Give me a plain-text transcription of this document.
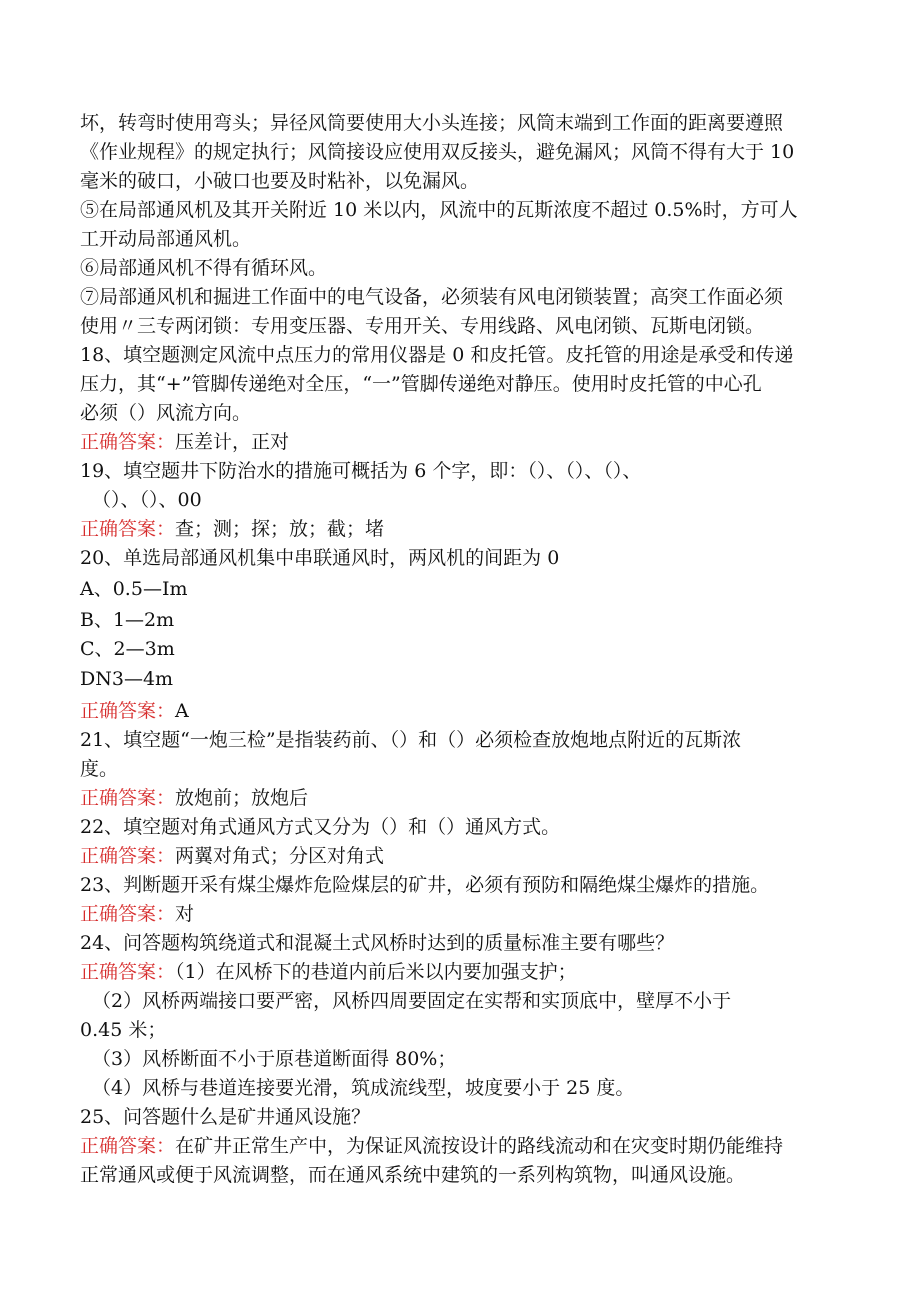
坏，转弯时使用弯头；异径风筒要使用大小头连接；风筒末端到工作面的距离要遵照
《作业规程》的规定执行；风筒接设应使用双反接头，避免漏风；风筒不得有大于 10
毫米的破口，小破口也要及时粘补，以免漏风。
⑤在局部通风机及其开关附近 10 米以内，风流中的瓦斯浓度不超过 0.5%时，方可人
工开动局部通风机。
⑥局部通风机不得有循环风。
⑦局部通风机和掘进工作面中的电气设备，必须装有风电闭锁装置；高突工作面必须
使用〃三专两闭锁：专用变压器、专用开关、专用线路、风电闭锁、瓦斯电闭锁。
18、填空题测定风流中点压力的常用仪器是 0 和皮托管。皮托管的用途是承受和传递
压力，其“+”管脚传递绝对全压，“一”管脚传递绝对静压。使用时皮托管的中心孔
必须（）风流方向。
正确答案：压差计，正对
19、填空题井下防治水的措施可概括为 6 个字，即：（）、（）、（）、
（）、（）、00
正确答案：查；测；探；放；截；堵
20、单选局部通风机集中串联通风时，两风机的间距为 0
A、0.5—Im
B、1—2m
C、2—3m
DN3—4m
正确答案：A
21、填空题“一炮三检”是指装药前、（）和（）必须检查放炮地点附近的瓦斯浓
度。
正确答案：放炮前；放炮后
22、填空题对角式通风方式又分为（）和（）通风方式。
正确答案：两翼对角式；分区对角式
23、判断题开采有煤尘爆炸危险煤层的矿井，必须有预防和隔绝煤尘爆炸的措施。
正确答案：对
24、问答题构筑绕道式和混凝土式风桥时达到的质量标准主要有哪些？
正确答案：（1）在风桥下的巷道内前后米以内要加强支护；
（2）风桥两端接口要严密，风桥四周要固定在实帮和实顶底中，壁厚不小于
0.45 米；
（3）风桥断面不小于原巷道断面得 80%；
（4）风桥与巷道连接要光滑，筑成流线型，坡度要小于 25 度。
25、问答题什么是矿井通风设施？
正确答案：在矿井正常生产中，为保证风流按设计的路线流动和在灾变时期仍能维持
正常通风或便于风流调整，而在通风系统中建筑的一系列构筑物，叫通风设施。
